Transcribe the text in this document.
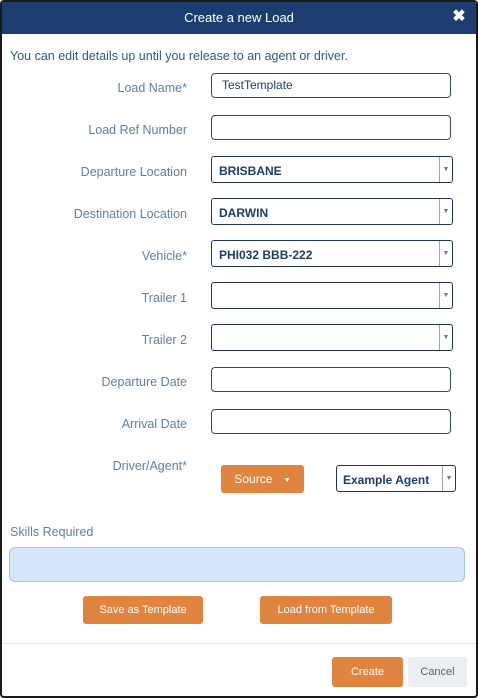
Create a new Load	✖
You can edit details up until you release to an agent or driver.
Load Name*	TestTemplate
Load Ref Number
Departure Location	BRISBANE	▼
Destination Location	DARWIN	▼
Vehicle*	PHI032 BBB-222	▼
Trailer 1	▼
Trailer 2	▼
Departure Date
Arrival Date
Driver/Agent*
Source ▼	Example Agent	▼
Skills Required
Save as Template	Load from Template
Create	Cancel
